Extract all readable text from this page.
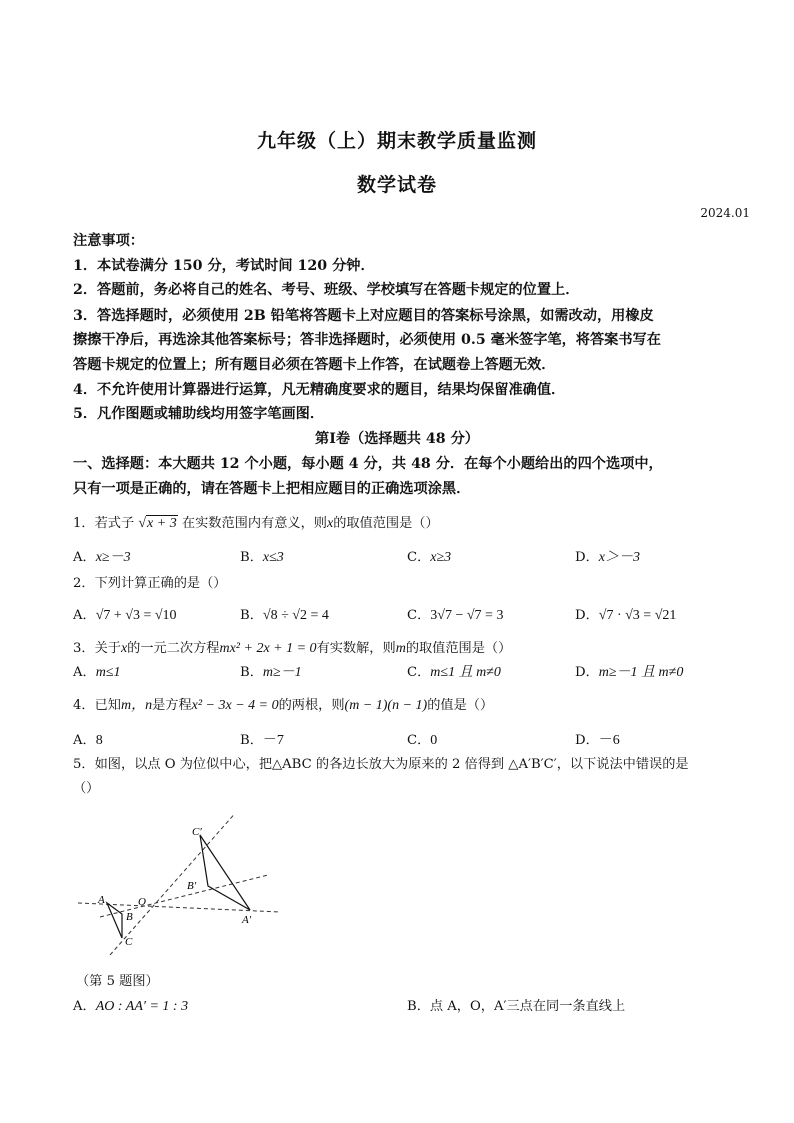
九年级（上）期末教学质量监测
数学试卷
2024.01
注意事项：
1．本试卷满分 150 分，考试时间 120 分钟．
2．答题前，务必将自己的姓名、考号、班级、学校填写在答题卡规定的位置上．
3．答选择题时，必须使用 2B 铅笔将答题卡上对应题目的答案标号涂黑，如需改动，用橡皮
擦擦干净后，再选涂其他答案标号；答非选择题时，必须使用 0.5 毫米签字笔，将答案书写在
答题卡规定的位置上；所有题目必须在答题卡上作答，在试题卷上答题无效．
4．不允许使用计算器进行运算，凡无精确度要求的题目，结果均保留准确值．
5．凡作图题或辅助线均用签字笔画图．
第Ⅰ卷（选择题共 48 分）
一、选择题：本大题共 12 个小题，每小题 4 分，共 48 分．在每个小题给出的四个选项中，
只有一项是正确的，请在答题卡上把相应题目的正确选项涂黑．
1．若式子 √x + 3 在实数范围内有意义，则x的取值范围是（）
A．x≥－3	B．x≤3	C．x≥3	D．x＞－3
2．下列计算正确的是（）
A．√7 + √3 = √10	B．√8 ÷ √2 = 4	C．3√7 − √7 = 3	D．√7 · √3 = √21
3．关于x的一元二次方程mx² + 2x + 1 = 0有实数解，则m的取值范围是（）
A．m≤1	B．m≥－1	C．m≤1 且 m≠0	D．m≥－1 且 m≠0
4．已知m，n是方程x² − 3x − 4 = 0的两根，则(m − 1)(n − 1)的值是（）
A．8	B．－7	C．0	D．－6
5．如图，以点 O 为位似中心，把△ABC 的各边长放大为原来的 2 倍得到 △A′B′C′，以下说法中错误的是
（）
C′
B′
A
B
O
A′
C
（第 5 题图）
A．AO : AA′ = 1 : 3	B．点 A，O，A′三点在同一条直线上
